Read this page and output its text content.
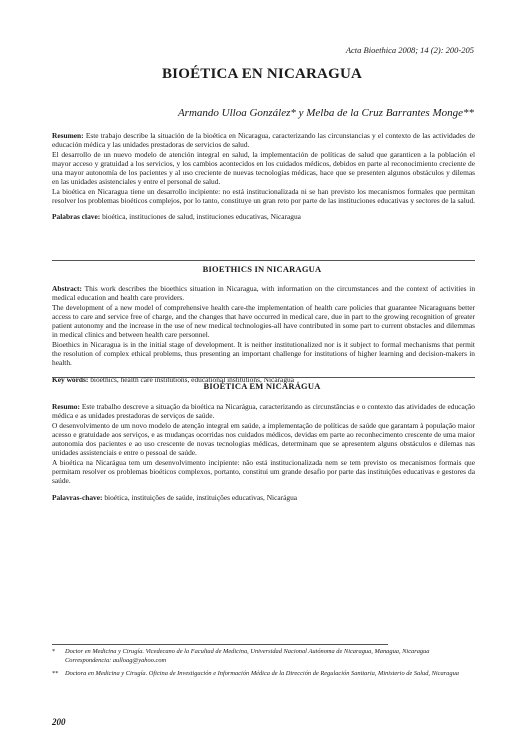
Acta Bioethica 2008; 14 (2): 200-205
BIOÉTICA EN NICARAGUA
Armando Ulloa González* y Melba de la Cruz Barrantes Monge**

Resumen: Este trabajo describe la situación de la bioética en Nicaragua, caracterizando las circunstancias y el contexto de las actividades de educación médica y las unidades prestadoras de servicios de salud.

El desarrollo de un nuevo modelo de atención integral en salud, la implementación de políticas de salud que garanticen a la población el mayor acceso y gratuidad a los servicios, y los cambios acontecidos en los cuidados médicos, debidos en parte al reconocimiento creciente de una mayor autonomía de los pacientes y al uso creciente de nuevas tecnologías médicas, hace que se presenten algunos obstáculos y dilemas en las unidades asistenciales y entre el personal de salud.

La bioética en Nicaragua tiene un desarrollo incipiente: no está institucionalizada ni se han previsto los mecanismos formales que permitan resolver los problemas bioéticos complejos, por lo tanto, constituye un gran reto por parte de las instituciones educativas y sectores de la salud.

Palabras clave: bioética, instituciones de salud, instituciones educativas, Nicaragua

BIOETHICS IN NICARAGUA

Abstract: This work describes the bioethics situation in Nicaragua, with information on the circumstances and the context of activities in medical education and health care providers.

The development of a new model of comprehensive health care-the implementation of health care policies that guarantee Nicaraguans better access to care and service free of charge, and the changes that have occurred in medical care, due in part to the growing recognition of greater patient autonomy and the increase in the use of new medical technologies-all have contributed in some part to current obstacles and dilemmas in medical clinics and between health care personnel.

Bioethics in Nicaragua is in the initial stage of development. It is neither institutionalized nor is it subject to formal mechanisms that permit the resolution of complex ethical problems, thus presenting an important challenge for institutions of higher learning and decision-makers in health.

Key words: bioethics, health care institutions, educational institutions, Nicaragua

BIOÉTICA EM NICARÁGUA

Resumo: Este trabalho descreve a situação da bioética na Nicarágua, caracterizando as circunstâncias e o contexto das atividades de educação médica e as unidades prestadoras de serviços de saúde.

O desenvolvimento de um novo modelo de atenção integral em saúde, a implementação de políticas de saúde que garantam à população maior acesso e gratuidade aos serviços, e as mudanças ocorridas nos cuidados médicos, devidas em parte ao reconhecimento crescente de uma maior autonomia dos pacientes e ao uso crescente de novas tecnologias médicas, determinam que se apresentem alguns obstáculos e dilemas nas unidades assistenciais e entre o pessoal de saúde.

A bioética na Nicarágua tem um desenvolvimento incipiente: não está institucionalizada nem se tem previsto os mecanismos formais que permitam resolver os problemas bioéticos complexos, portanto, constitui um grande desafio por parte das instituições educativas e gestores da saúde.

Palavras-chave: bioética, instituições de saúde, instituições educativas, Nicarágua

* Doctor en Medicina y Cirugía. Vicedecano de la Facultad de Medicina, Universidad Nacional Autónoma de Nicaragua, Managua, Nicaragua
Correspondencia: aulloag@yahoo.com
** Doctora en Medicina y Cirugía. Oficina de Investigación e Información Médica de la Dirección de Regulación Sanitaria, Ministerio de Salud, Nicaragua
200
